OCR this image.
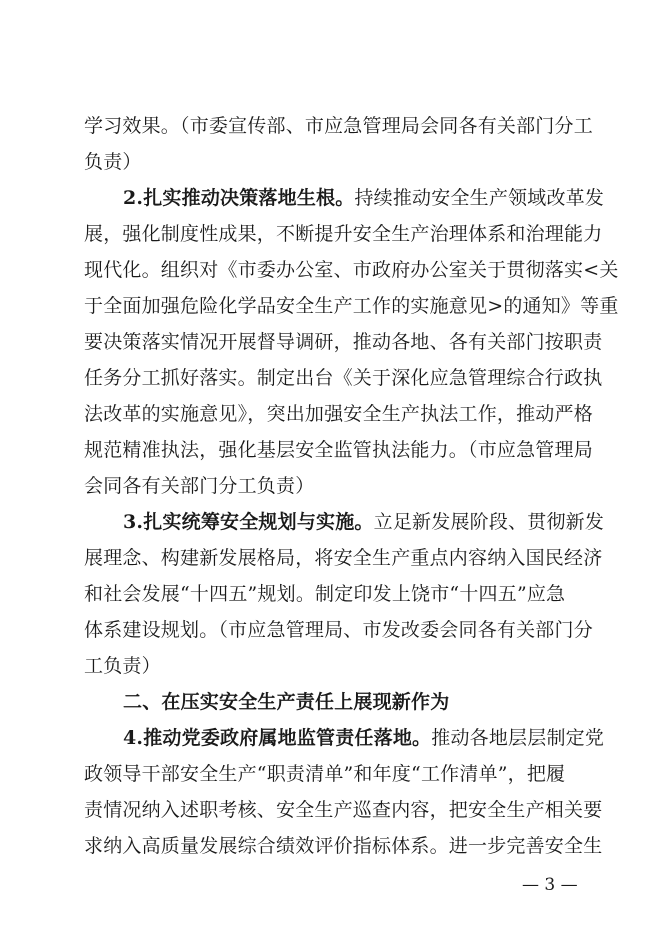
学习效果。（市委宣传部、市应急管理局会同各有关部门分工
负责）
2.扎实推动决策落地生根。持续推动安全生产领域改革发
展，强化制度性成果，不断提升安全生产治理体系和治理能力
现代化。组织对《市委办公室、市政府办公室关于贯彻落实<关
于全面加强危险化学品安全生产工作的实施意见>的通知》等重
要决策落实情况开展督导调研，推动各地、各有关部门按职责
任务分工抓好落实。制定出台《关于深化应急管理综合行政执
法改革的实施意见》，突出加强安全生产执法工作，推动严格
规范精准执法，强化基层安全监管执法能力。（市应急管理局
会同各有关部门分工负责）
3.扎实统筹安全规划与实施。立足新发展阶段、贯彻新发
展理念、构建新发展格局，将安全生产重点内容纳入国民经济
和社会发展“十四五”规划。制定印发上饶市“十四五”应急
体系建设规划。（市应急管理局、市发改委会同各有关部门分
工负责）
二、在压实安全生产责任上展现新作为
4.推动党委政府属地监管责任落地。推动各地层层制定党
政领导干部安全生产“职责清单”和年度“工作清单”，把履
责情况纳入述职考核、安全生产巡查内容，把安全生产相关要
求纳入高质量发展综合绩效评价指标体系。进一步完善安全生
— 3 —
